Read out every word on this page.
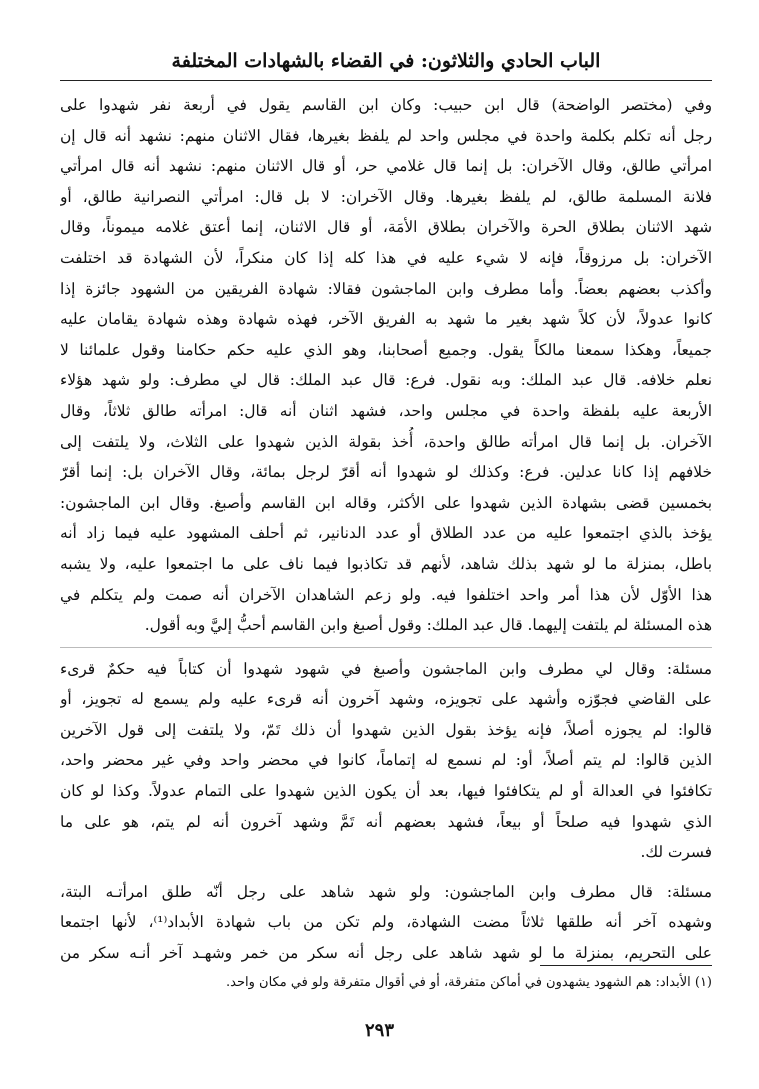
الباب الحادي والثلاثون: في القضاء بالشهادات المختلفة
وفي (مختصر الواضحة) قال ابن حبيب: وكان ابن القاسم يقول في أربعة نفر شهدوا على
رجل أنه تكلم بكلمة واحدة في مجلس واحد لم يلفظ بغيرها، فقال الاثنان منهم: نشهد أنه قال إن
امرأتي طالق، وقال الآخران: بل إنما قال غلامي حر، أو قال الاثنان منهم: نشهد أنه قال امرأتي
فلانة المسلمة طالق، لم يلفظ بغيرها. وقال الآخران: لا بل قال: امرأتي النصرانية طالق، أو
شهد الاثنان بطلاق الحرة والآخران بطلاق الأمَة، أو قال الاثنان، إنما أعتق غلامه ميموناً، وقال
الآخران: بل مرزوقاً، فإنه لا شيء عليه في هذا كله إذا كان منكراً، لأن الشهادة قد اختلفت
وأكذب بعضهم بعضاً. وأما مطرف وابن الماجشون فقالا: شهادة الفريقين من الشهود جائزة إذا
كانوا عدولاً، لأن كلاً شهد بغير ما شهد به الفريق الآخر، فهذه شهادة وهذه شهادة يقامان عليه
جميعاً، وهكذا سمعنا مالكاً يقول. وجميع أصحابنا، وهو الذي عليه حكم حكامنا وقول علمائنا لا
نعلم خلافه. قال عبد الملك: وبه نقول. فرع: قال عبد الملك: قال لي مطرف: ولو شهد هؤلاء
الأربعة عليه بلفظة واحدة في مجلس واحد، فشهد اثنان أنه قال: امرأته طالق ثلاثاً، وقال
الآخران. بل إنما قال امرأته طالق واحدة، أُخذ بقولة الذين شهدوا على الثلاث، ولا يلتفت إلى
خلافهم إذا كانا عدلين. فرع: وكذلك لو شهدوا أنه أقرّ لرجل بمائة، وقال الآخران بل: إنما أقرّ
بخمسين قضى بشهادة الذين شهدوا على الأكثر، وقاله ابن القاسم وأصبغ. وقال ابن الماجشون:
يؤخذ بالذي اجتمعوا عليه من عدد الطلاق أو عدد الدنانير، ثم أحلف المشهود عليه فيما زاد أنه
باطل، بمنزلة ما لو شهد بذلك شاهد، لأنهم قد تكاذبوا فيما ناف على ما اجتمعوا عليه، ولا يشبه
هذا الأوّل لأن هذا أمر واحد اختلفوا فيه. ولو زعم الشاهدان الآخران أنه صمت ولم يتكلم في
هذه المسئلة لم يلتفت إليهما. قال عبد الملك: وقول أصبغ وابن القاسم أحبُّ إليَّ وبه أقول.
مسئلة: وقال لي مطرف وابن الماجشون وأصبغ في شهود شهدوا أن كتاباً فيه حكمٌ قرىء
على القاضي فجوّزه وأشهد على تجويزه، وشهد آخرون أنه قرىء عليه ولم يسمع له تجويز، أو
قالوا: لم يجوزه أصلاً، فإنه يؤخذ بقول الذين شهدوا أن ذلك تَمّ، ولا يلتفت إلى قول الآخرين
الذين قالوا: لم يتم أصلاً، أو: لم نسمع له إتماماً، كانوا في محضر واحد وفي غير محضر واحد،
تكافئوا في العدالة أو لم يتكافئوا فيها، بعد أن يكون الذين شهدوا على التمام عدولاً. وكذا لو كان
الذي شهدوا فيه صلحاً أو بيعاً، فشهد بعضهم أنه تَمَّ وشهد آخرون أنه لم يتم، هو على ما
فسرت لك.
مسئلة: قال مطرف وابن الماجشون: ولو شهد شاهد على رجل أنّه طلق امرأتـه البتة،
وشهده آخر أنه طلقها ثلاثاً مضت الشهادة، ولم تكن من باب شهادة الأبداد⁽¹⁾، لأنها اجتمعا
على التحريم، بمنزلة ما لو شهد شاهد على رجل أنه سكر من خمر وشهـد آخر أنـه سكر من
(١) الأبداد: هم الشهود يشهدون في أماكن متفرقة، أو في أقوال متفرقة ولو في مكان واحد.
٢٩٣
